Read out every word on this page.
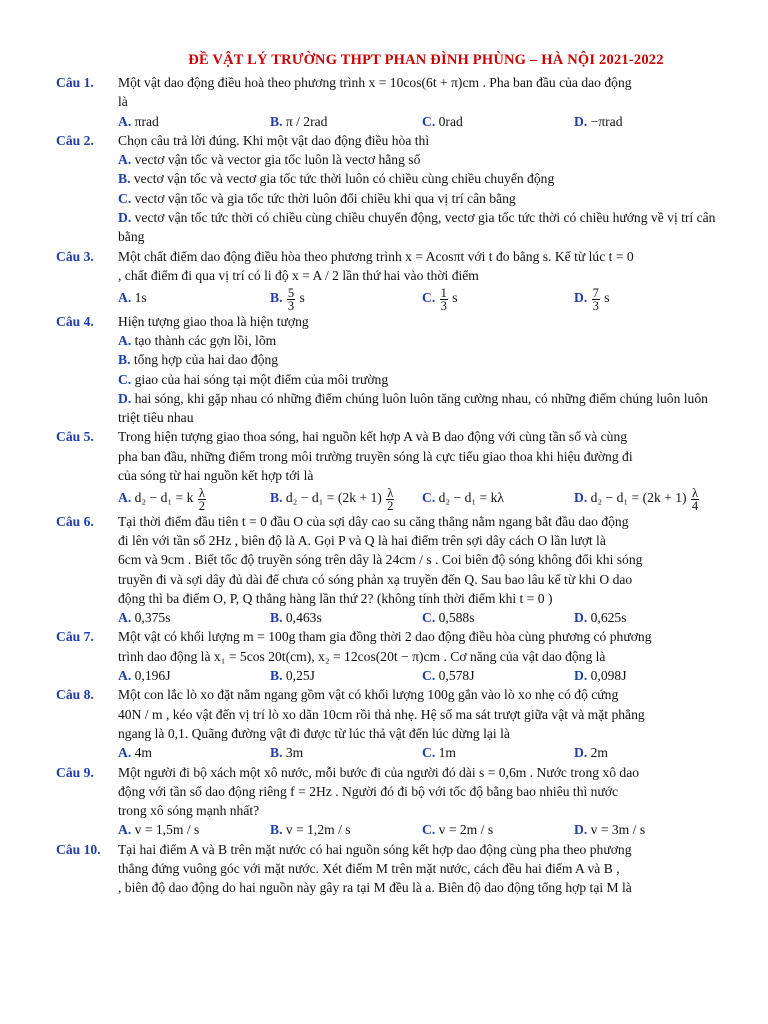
ĐỀ VẬT LÝ TRƯỜNG THPT PHAN ĐÌNH PHÙNG – HÀ NỘI 2021-2022
Câu 1.	Một vật dao động điều hoà theo phương trình x = 10cos(6t + π)cm . Pha ban đầu của dao động
là
A. πrad	B. π / 2rad	C. 0rad	D. −πrad
Câu 2.	Chọn câu trả lời đúng. Khi một vật dao động điều hòa thì
A. vectơ vận tốc và vector gia tốc luôn là vectơ hằng số
B. vectơ vận tốc và vectơ gia tốc tức thời luôn có chiều cùng chiều chuyển động
C. vectơ vận tốc và gia tốc tức thời luôn đổi chiều khi qua vị trí cân bằng
D. vectơ vận tốc tức thời có chiều cùng chiều chuyển động, vectơ gia tốc tức thời có chiều hướng về vị trí cân bằng
Câu 3.	Một chất điểm dao động điều hòa theo phương trình x = Acosπt với t đo bằng s. Kể từ lúc t = 0
, chất điểm đi qua vị trí có li độ x = A / 2 lần thứ hai vào thời điểm
A. 1s	B. $\frac{5}{3}$ s	C. $\frac{1}{3}$ s	D. $\frac{7}{3}$ s
Câu 4.	Hiện tượng giao thoa là hiện tượng
A. tạo thành các gợn lồi, lõm
B. tổng hợp của hai dao động
C. giao của hai sóng tại một điểm của môi trường
D. hai sóng, khi gặp nhau có những điểm chúng luôn luôn tăng cường nhau, có những điểm chúng luôn luôn triệt tiêu nhau
Câu 5.	Trong hiện tượng giao thoa sóng, hai nguồn kết hợp A và B dao động với cùng tần số và cùng
pha ban đầu, những điểm trong môi trường truyền sóng là cực tiểu giao thoa khi hiệu đường đi
của sóng từ hai nguồn kết hợp tới là
A. d₂ − d₁ = k $\frac{\lambda}{2}$	B. $d_2 - d_1 = (2k + 1) \frac{\lambda}{2} C$. d₂ − d₁ = kλ	D. $d_2 - d_1 = (2k + 1) \frac{\lambda}{4}$
Câu 6.	Tại thời điểm đầu tiên t = 0 đầu O của sợi dây cao su căng thẳng nằm ngang bắt đầu dao động
đi lên với tần số 2Hz , biên độ là A. Gọi P và Q là hai điểm trên sợi dây cách O lần lượt là
6cm và 9cm . Biết tốc độ truyền sóng trên dây là 24cm / s . Coi biên độ sóng không đổi khi sóng
truyền đi và sợi dây đủ dài để chưa có sóng phản xạ truyền đến Q. Sau bao lâu kể từ khi O dao
động thì ba điểm O, P, Q thẳng hàng lần thứ 2? (không tính thời điểm khi t = 0 )
A. 0,375s	B. 0,463s	C. 0,588s	D. 0,625s
Câu 7.	Một vật có khối lượng m = 100g tham gia đồng thời 2 dao động điều hòa cùng phương có phương
trình dao động là x₁ = 5cos 20t(cm), x₂ = 12cos(20t − π)cm . Cơ năng của vật dao động là
A. 0,196J	B. 0,25J	C. 0,578J	D. 0,098J
Câu 8.	Một con lắc lò xo đặt nằm ngang gồm vật có khối lượng 100g gắn vào lò xo nhẹ có độ cứng
40N / m , kéo vật đến vị trí lò xo dãn 10cm rồi thả nhẹ. Hệ số ma sát trượt giữa vật và mặt phẳng
ngang là 0,1. Quãng đường vật đi được từ lúc thả vật đến lúc dừng lại là
A. 4m	B. 3m	C. 1m	D. 2m
Câu 9.	Một người đi bộ xách một xô nước, mỗi bước đi của người đó dài s = 0,6m . Nước trong xô dao
động với tần số dao động riêng f = 2Hz . Người đó đi bộ với tốc độ bằng bao nhiêu thì nước
trong xô sóng mạnh nhất?
A. v = 1,5m / s	B. v = 1,2m / s	C. v = 2m / s	D. v = 3m / s
Câu 10.	Tại hai điểm A và B trên mặt nước có hai nguồn sóng kết hợp dao động cùng pha theo phương
thẳng đứng vuông góc với mặt nước. Xét điểm M trên mặt nước, cách đều hai điểm A và B ,
, biên độ dao động do hai nguồn này gây ra tại M đều là a. Biên độ dao động tổng hợp tại M là
